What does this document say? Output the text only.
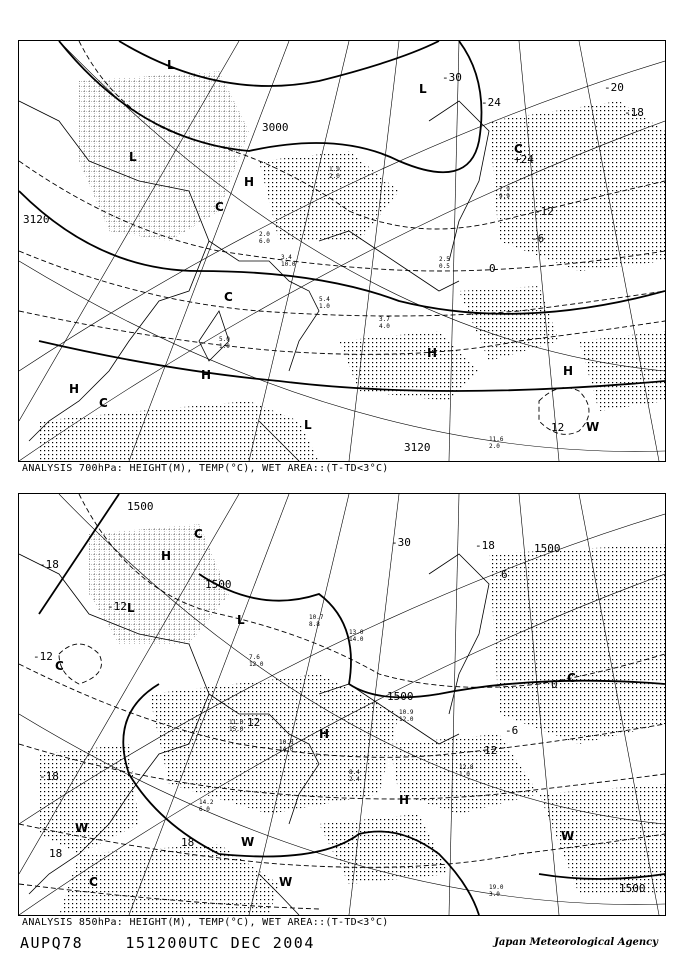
2.0
6.0
3.4
10.0
5.4
1.0
3.7
4.0
2.5
0.5
5.0
1.0
11.6
2.0
7.9
9.9
1.9
2.0
3000
3120
3120
-30
-24
+24
-18
-12
-6
0
12
-20
L
L
L
H
H
H
H
H
C
C
C
C
W
L
ANALYSIS 700hPa: HEIGHT(M), TEMP(°C), WET AREA::(T-TD<3°C)
10.7
8.8
7.6
12.0
11.0
15.0
10.0
14.0
8.4
2.4
10.9
12.0
12.8
1.0
14.2
6.0
19.0
3.0
13.0
14.0
1500
1500
1500
1500
1500
-30
-18
-18
-12
-12
-6
0
6
12
12
18
18
-18
H
H
H
L
L
C
C
C
W
W	W
W
C
ANALYSIS 850hPa: HEIGHT(M), TEMP(°C), WET AREA::(T-TD<3°C)
AUPQ78	151200UTC DEC 2004	Japan Meteorological Agency
